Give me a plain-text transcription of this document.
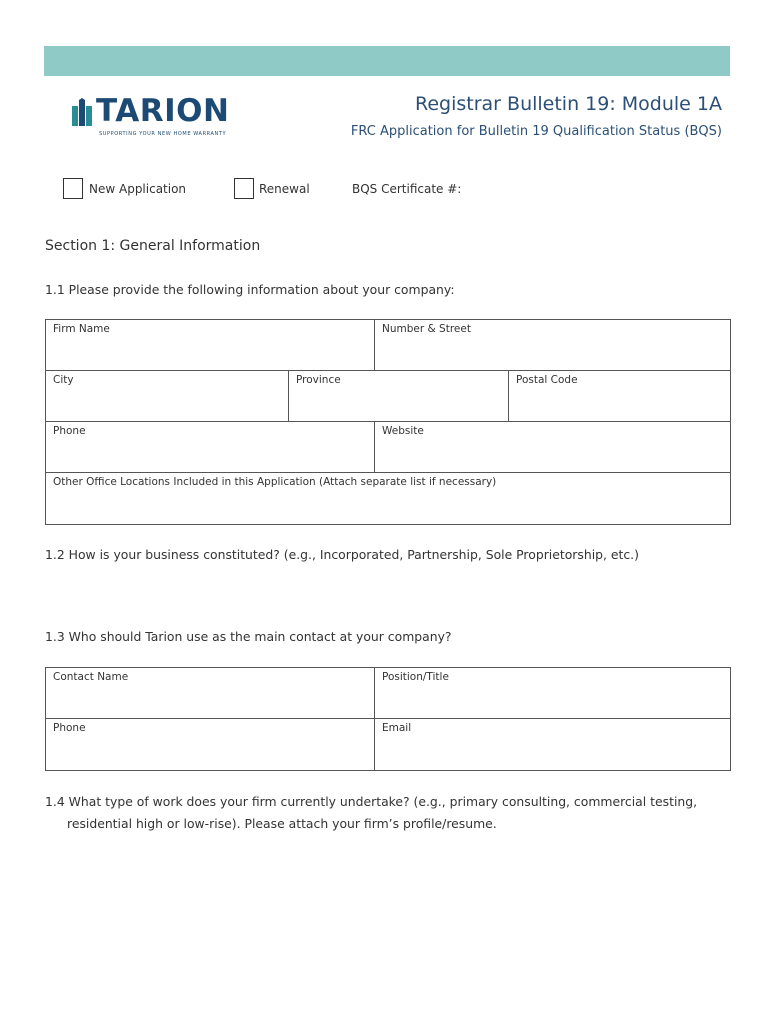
TARION
SUPPORTING YOUR NEW HOME WARRANTY
Registrar Bulletin 19: Module 1A
FRC Application for Bulletin 19 Qualification Status (BQS)
New Application	Renewal	BQS Certificate #:
Section 1: General Information
1.1 Please provide the following information about your company:
Firm Name	Number & Street
City	Province	Postal Code
Phone	Website
Other Office Locations Included in this Application (Attach separate list if necessary)
1.2 How is your business constituted? (e.g., Incorporated, Partnership, Sole Proprietorship, etc.)
1.3 Who should Tarion use as the main contact at your company?
Contact Name	Position/Title
Phone	Email
1.4 What type of work does your firm currently undertake? (e.g., primary consulting, commercial testing,
residential high or low-rise). Please attach your firm’s profile/resume.
